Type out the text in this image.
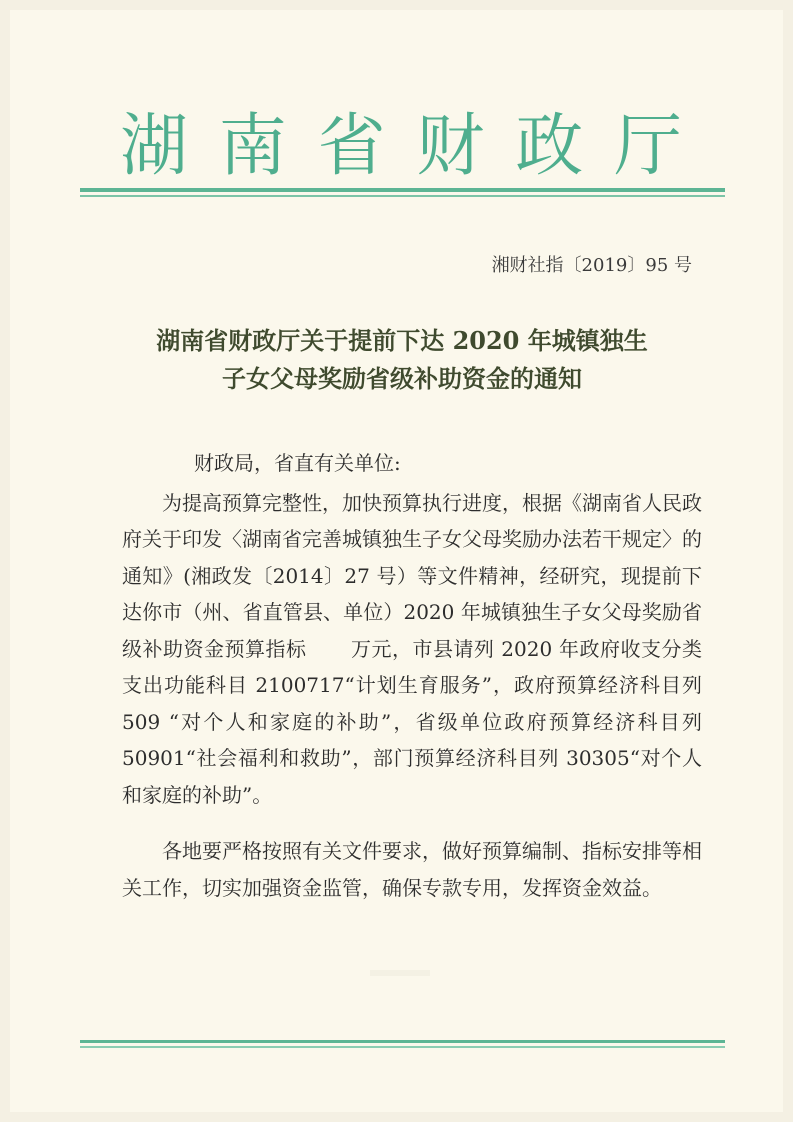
湖南省财政厅
湘财社指〔2019〕95 号
湖南省财政厅关于提前下达 2020 年城镇独生
子女父母奖励省级补助资金的通知

财政局，省直有关单位:

为提高预算完整性，加快预算执行进度，根据《湖南省人民政府关于印发〈湖南省完善城镇独生子女父母奖励办法若干规定〉的通知》(湘政发〔2014〕27 号）等文件精神，经研究，现提前下达你市（州、省直管县、单位）2020 年城镇独生子女父母奖励省级补助资金预算指标 万元，市县请列 2020 年政府收支分类支出功能科目 2100717“计划生育服务”，政府预算经济科目列 509 “对个人和家庭的补助”，省级单位政府预算经济科目列 50901“社会福利和救助”，部门预算经济科目列 30305“对个人和家庭的补助”。

各地要严格按照有关文件要求，做好预算编制、指标安排等相关工作，切实加强资金监管，确保专款专用，发挥资金效益。
